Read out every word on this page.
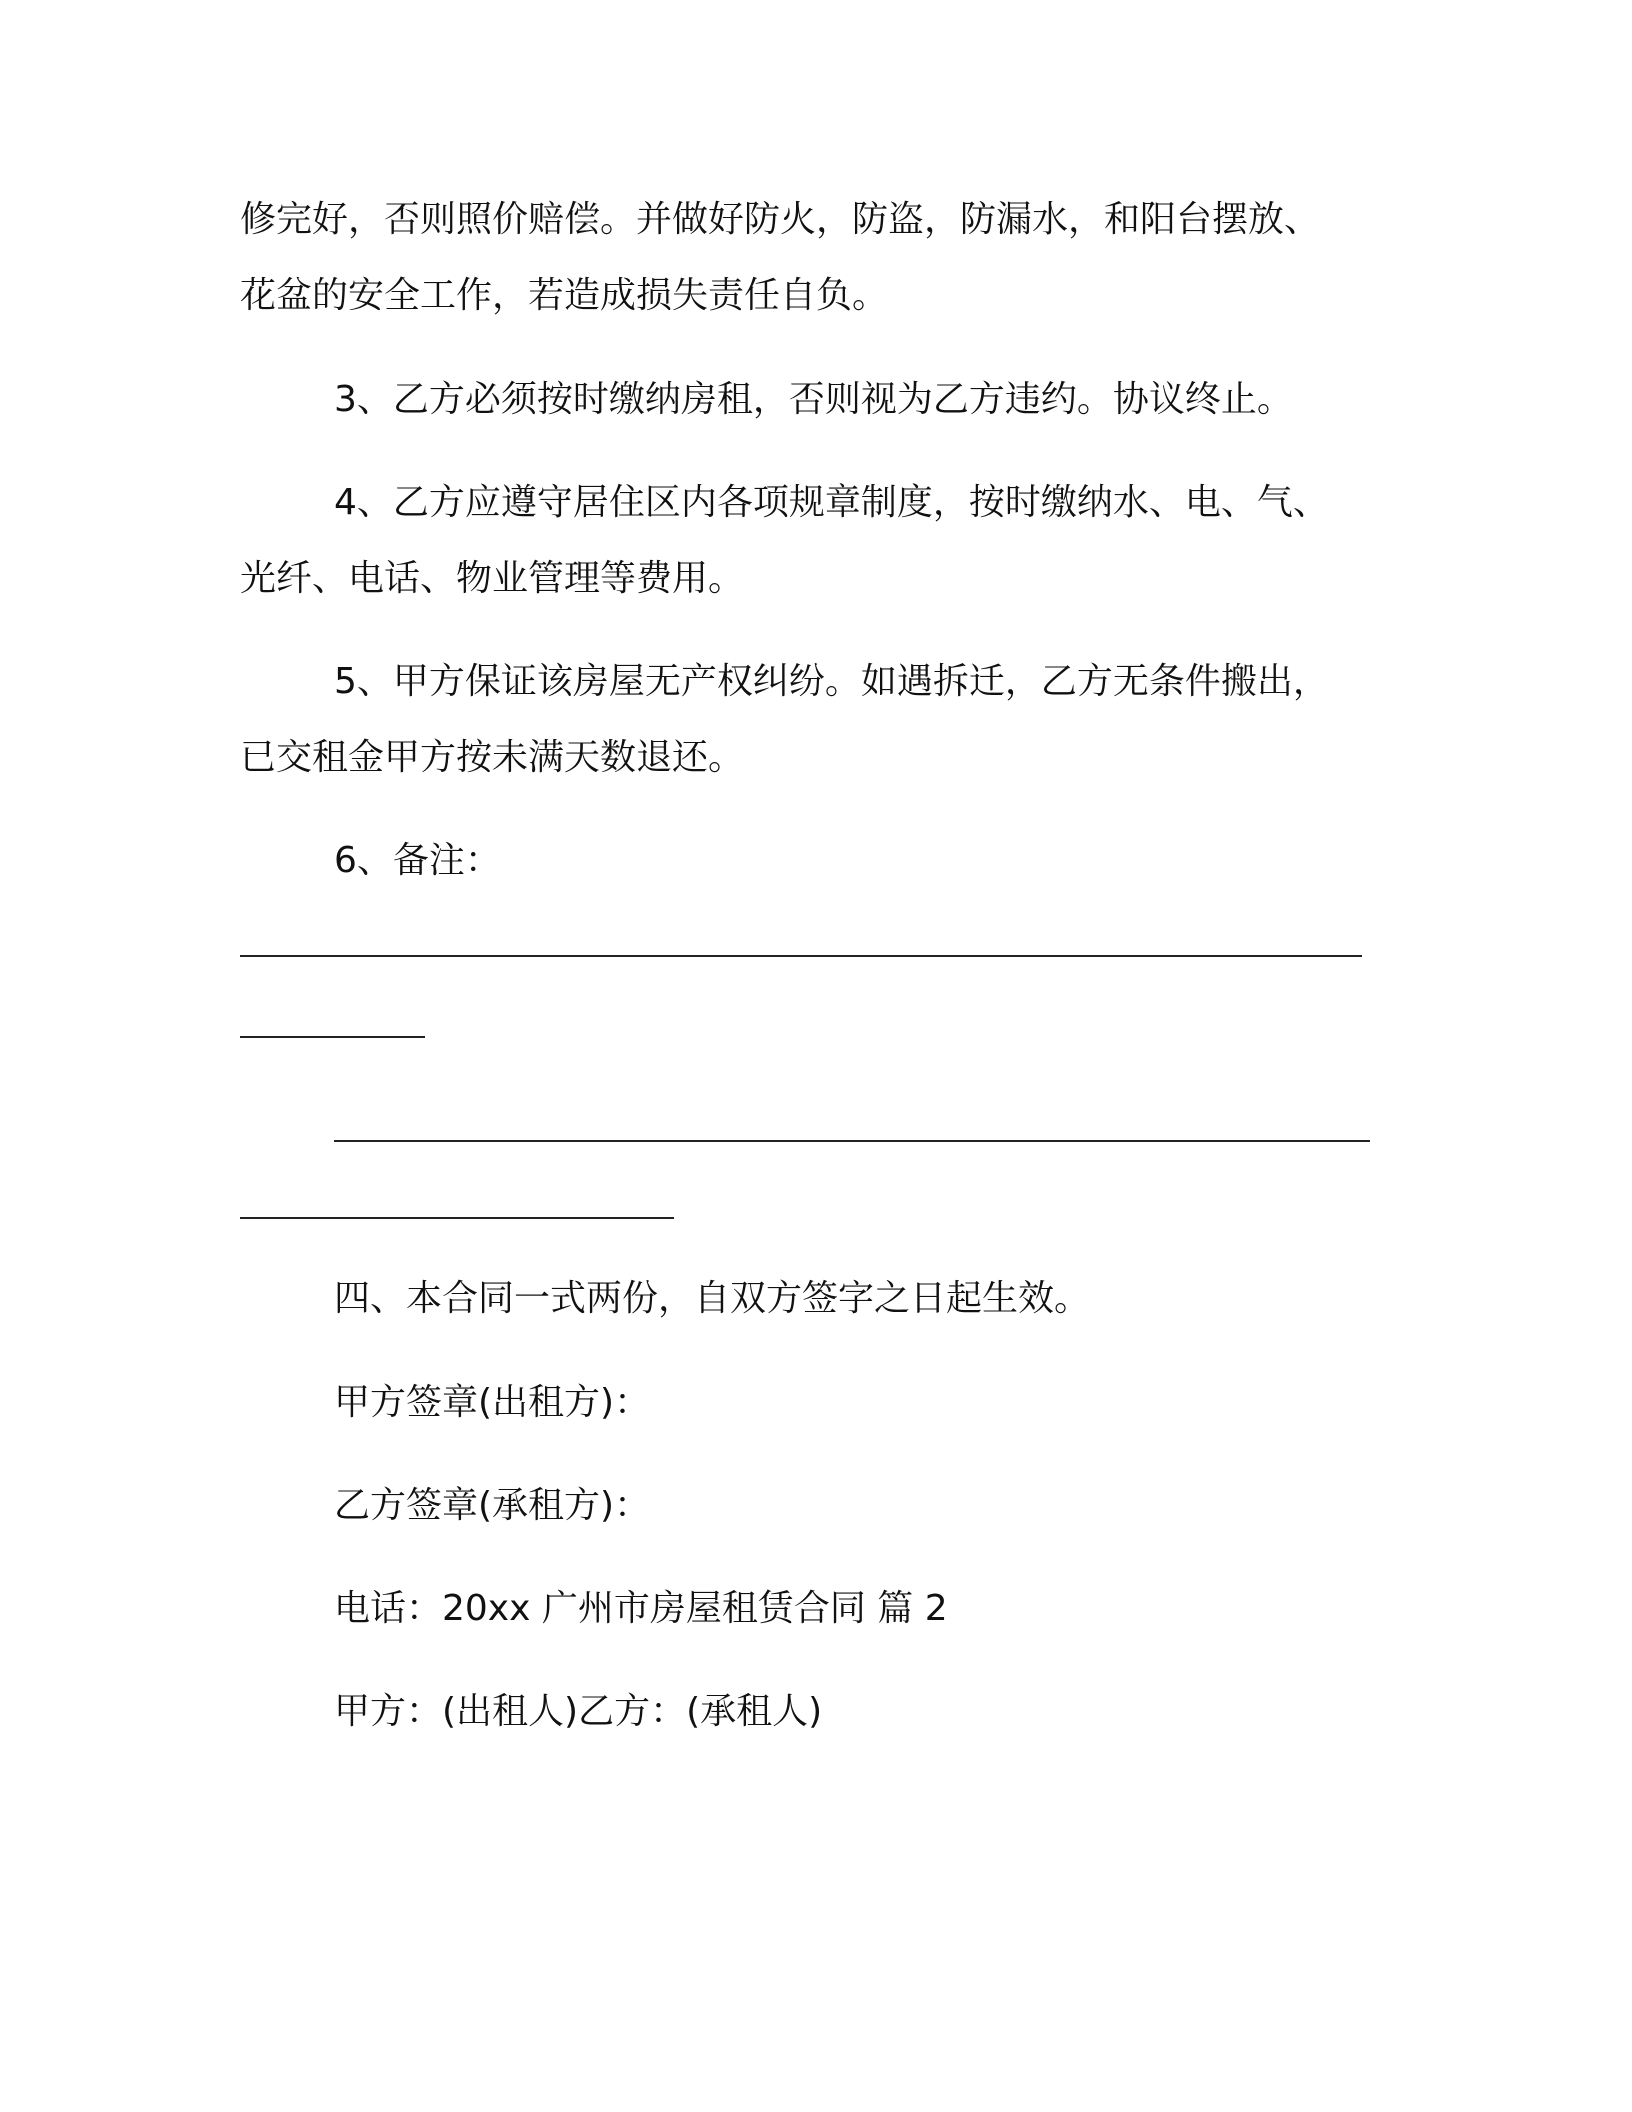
修完好，否则照价赔偿。并做好防火，防盗，防漏水，和阳台摆放、
花盆的安全工作，若造成损失责任自负。
3、乙方必须按时缴纳房租，否则视为乙方违约。协议终止。
4、乙方应遵守居住区内各项规章制度，按时缴纳水、电、气、
光纤、电话、物业管理等费用。
5、甲方保证该房屋无产权纠纷。如遇拆迁，乙方无条件搬出，
已交租金甲方按未满天数退还。
6、备注：
四、本合同一式两份，自双方签字之日起生效。
甲方签章(出租方)：
乙方签章(承租方)：
电话：20xx 广州市房屋租赁合同 篇 2
甲方：(出租人)乙方：(承租人)
